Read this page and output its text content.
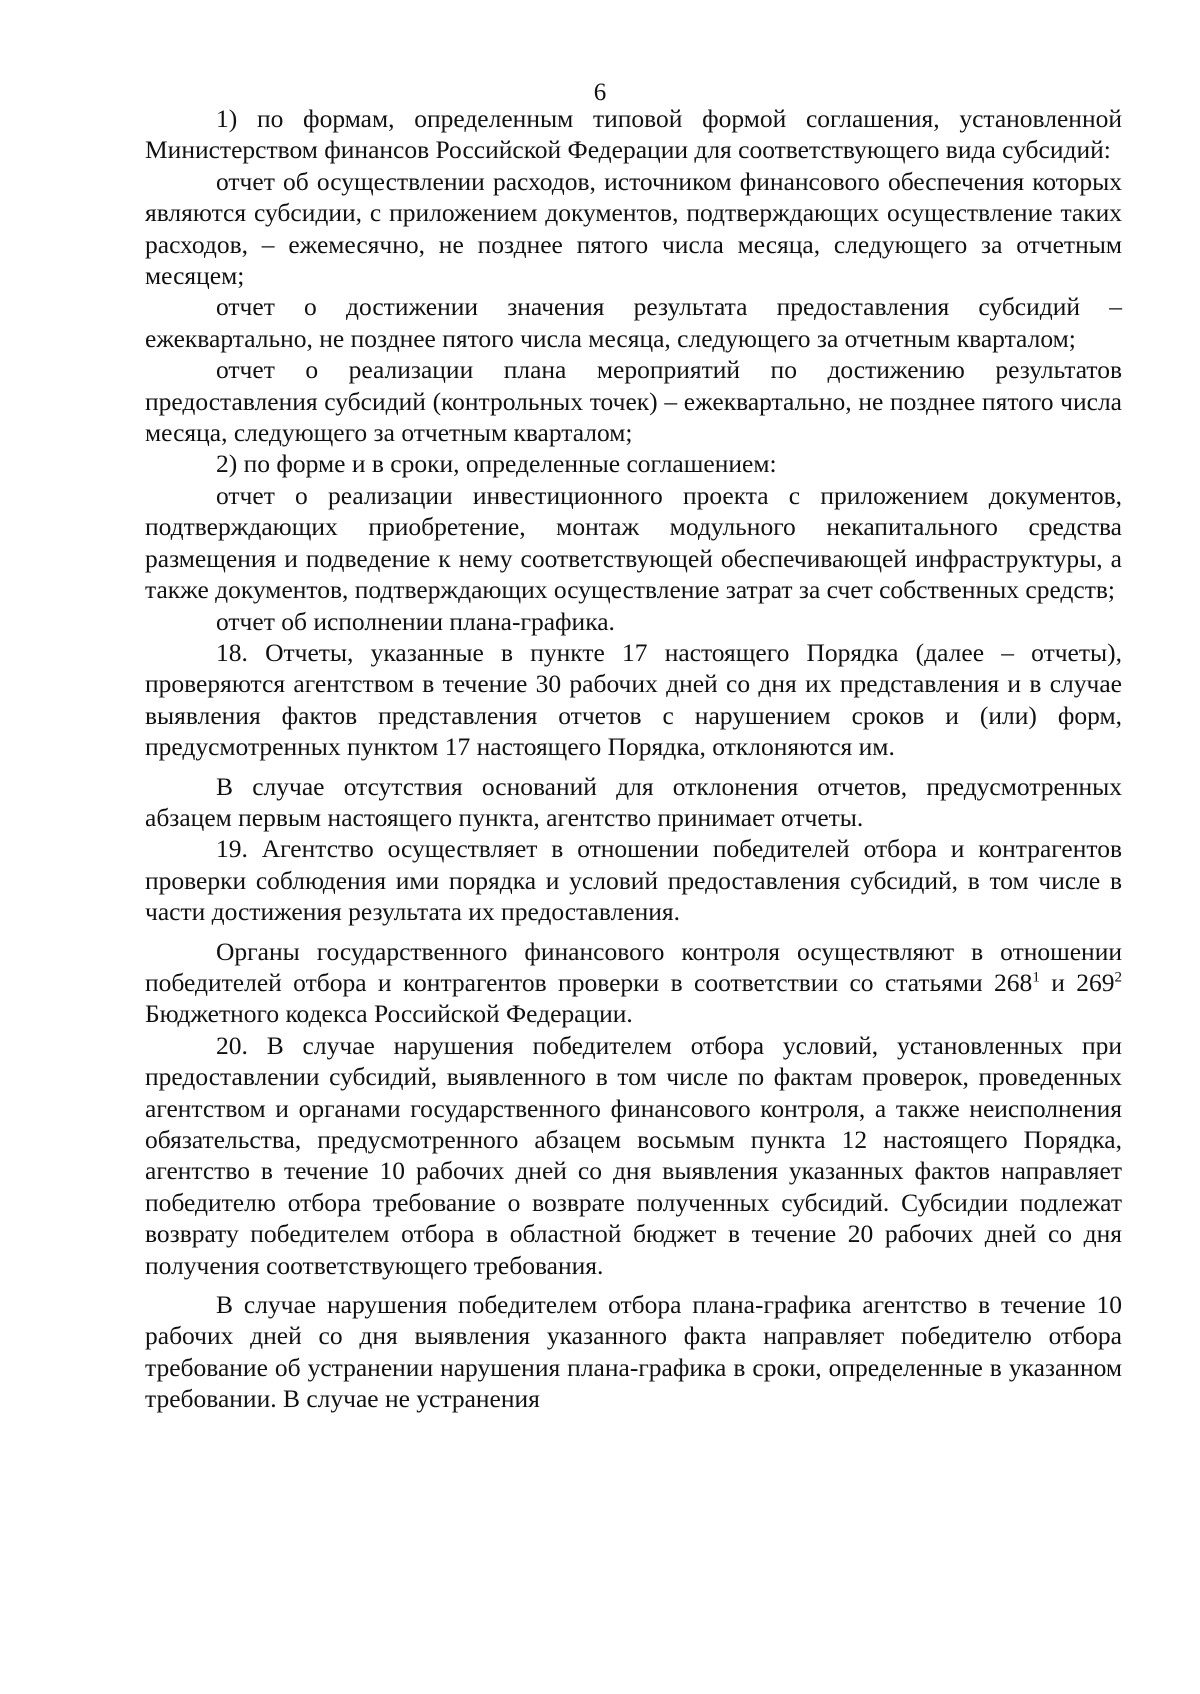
6

1) по формам, определенным типовой формой соглашения, установленной Министерством финансов Российской Федерации для соответствующего вида субсидий:

отчет об осуществлении расходов, источником финансового обеспечения которых являются субсидии, с приложением документов, подтверждающих осуществление таких расходов, – ежемесячно, не позднее пятого числа месяца, следующего за отчетным месяцем;

отчет о достижении значения результата предоставления субсидий – ежеквартально, не позднее пятого числа месяца, следующего за отчетным кварталом;

отчет о реализации плана мероприятий по достижению результатов предоставления субсидий (контрольных точек) – ежеквартально, не позднее пятого числа месяца, следующего за отчетным кварталом;

2) по форме и в сроки, определенные соглашением:

отчет о реализации инвестиционного проекта с приложением документов, подтверждающих приобретение, монтаж модульного некапитального средства размещения и подведение к нему соответствующей обеспечивающей инфраструктуры, а также документов, подтверждающих осуществление затрат за счет собственных средств;

отчет об исполнении плана-графика.

18. Отчеты, указанные в пункте 17 настоящего Порядка (далее – отчеты), проверяются агентством в течение 30 рабочих дней со дня их представления и в случае выявления фактов представления отчетов с нарушением сроков и (или) форм, предусмотренных пунктом 17 настоящего Порядка, отклоняются им.

В случае отсутствия оснований для отклонения отчетов, предусмотренных абзацем первым настоящего пункта, агентство принимает отчеты.

19. Агентство осуществляет в отношении победителей отбора и контрагентов проверки соблюдения ими порядка и условий предоставления субсидий, в том числе в части достижения результата их предоставления.

Органы государственного финансового контроля осуществляют в отношении победителей отбора и контрагентов проверки в соответствии со статьями $268^1$ и $269^2$ Бюджетного кодекса Российской Федерации.

20. В случае нарушения победителем отбора условий, установленных при предоставлении субсидий, выявленного в том числе по фактам проверок, проведенных агентством и органами государственного финансового контроля, а также неисполнения обязательства, предусмотренного абзацем восьмым пункта 12 настоящего Порядка, агентство в течение 10 рабочих дней со дня выявления указанных фактов направляет победителю отбора требование о возврате полученных субсидий. Субсидии подлежат возврату победителем отбора в областной бюджет в течение 20 рабочих дней со дня получения соответствующего требования.

В случае нарушения победителем отбора плана-графика агентство в течение 10 рабочих дней со дня выявления указанного факта направляет победителю отбора требование об устранении нарушения плана-графика в сроки, определенные в указанном требовании. В случае не устранения
